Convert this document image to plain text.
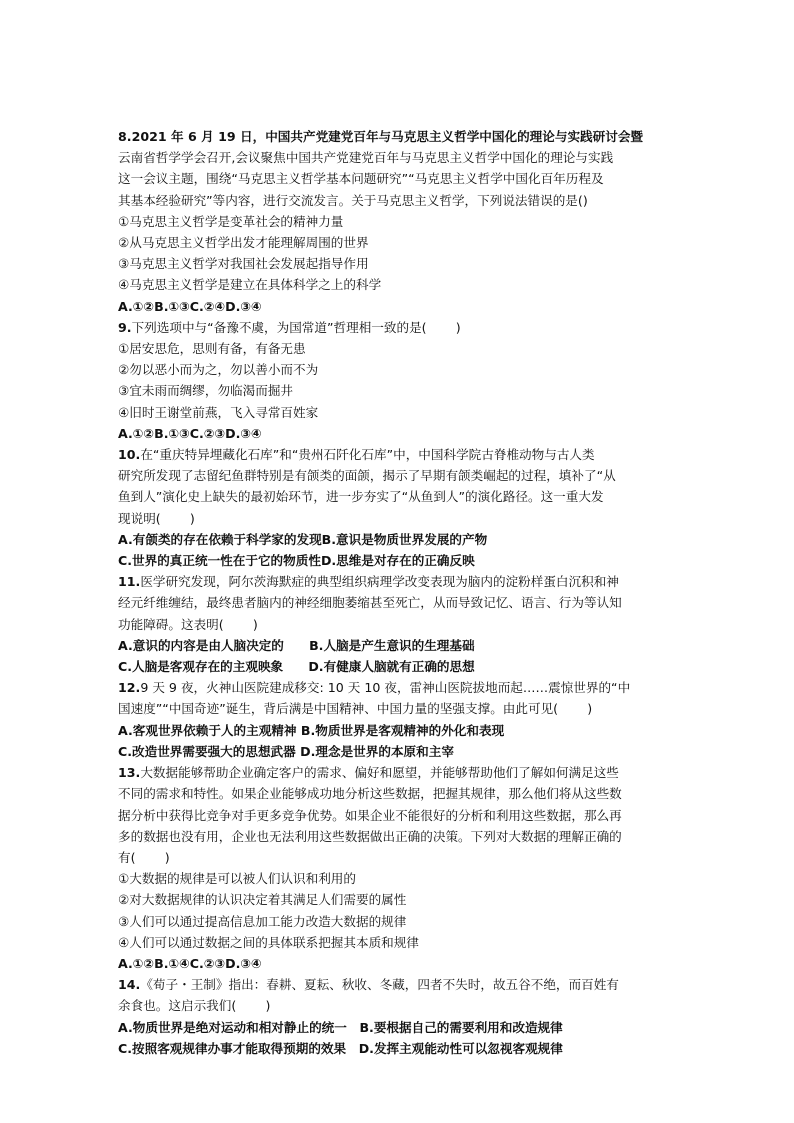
8.2021 年 6 月 19 日，中国共产党建党百年与马克思主义哲学中国化的理论与实践研讨会暨

云南省哲学学会召开,会议聚焦中国共产党建党百年与马克思主义哲学中国化的理论与实践

这一会议主题，围绕“马克思主义哲学基本问题研究”“马克思主义哲学中国化百年历程及

其基本经验研究”等内容，进行交流发言。关于马克思主义哲学，下列说法错误的是()

①马克思主义哲学是变革社会的精神力量

②从马克思主义哲学出发才能理解周围的世界

③马克思主义哲学对我国社会发展起指导作用

④马克思主义哲学是建立在具体科学之上的科学

A.①②B.①③C.②④D.③④

9.下列选项中与“备豫不虞，为国常道”哲理相一致的是(　　 )

①居安思危，思则有备，有备无患

②勿以恶小而为之，勿以善小而不为

③宜未雨而绸缪，勿临渴而掘井

④旧时王谢堂前燕，飞入寻常百姓家

A.①②B.①③C.②③D.③④

10.在“重庆特异埋藏化石库”和“贵州石阡化石库”中，中国科学院古脊椎动物与古人类

研究所发现了志留纪鱼群特别是有颌类的面颌，揭示了早期有颌类崛起的过程，填补了“从

鱼到人”演化史上缺失的最初始环节，进一步夯实了“从鱼到人”的演化路径。这一重大发

现说明(　　 )

A.有颌类的存在依赖于科学家的发现B.意识是物质世界发展的产物

C.世界的真正统一性在于它的物质性D.思维是对存在的正确反映

11.医学研究发现，阿尔茨海默症的典型组织病理学改变表现为脑内的淀粉样蛋白沉积和神

经元纤维缠结，最终患者脑内的神经细胞萎缩甚至死亡，从而导致记忆、语言、行为等认知

功能障碍。这表明(　　 )

A.意识的内容是由人脑决定的　　 B.人脑是产生意识的生理基础

C.人脑是客观存在的主观映象　　 D.有健康人脑就有正确的思想

12.9 天 9 夜，火神山医院建成移交: 10 天 10 夜，雷神山医院拔地而起……震惊世界的“中

国速度”“中国奇迹”诞生，背后满是中国精神、中国力量的坚强支撑。由此可见(　　 )

A.客观世界依赖于人的主观精神 B.物质世界是客观精神的外化和表现

C.改造世界需要强大的思想武器 D.理念是世界的本原和主宰

13.大数据能够帮助企业确定客户的需求、偏好和愿望，并能够帮助他们了解如何满足这些

不同的需求和特性。如果企业能够成功地分析这些数据，把握其规律，那么他们将从这些数

据分析中获得比竞争对手更多竞争优势。如果企业不能很好的分析和利用这些数据，那么再

多的数据也没有用，企业也无法利用这些数据做出正确的决策。下列对大数据的理解正确的

有(　　 )

①大数据的规律是可以被人们认识和利用的

②对大数据规律的认识决定着其满足人们需要的属性

③人们可以通过提高信息加工能力改造大数据的规律

④人们可以通过数据之间的具体联系把握其本质和规律

A.①②B.①④C.②③D.③④

14.《荀子・王制》指出：春耕、夏耘、秋收、冬藏，四者不失时，故五谷不绝，而百姓有

余食也。这启示我们(　　 )

A.物质世界是绝对运动和相对静止的统一　 B.要根据自己的需要利用和改造规律

C.按照客观规律办事才能取得预期的效果　 D.发挥主观能动性可以忽视客观规律
